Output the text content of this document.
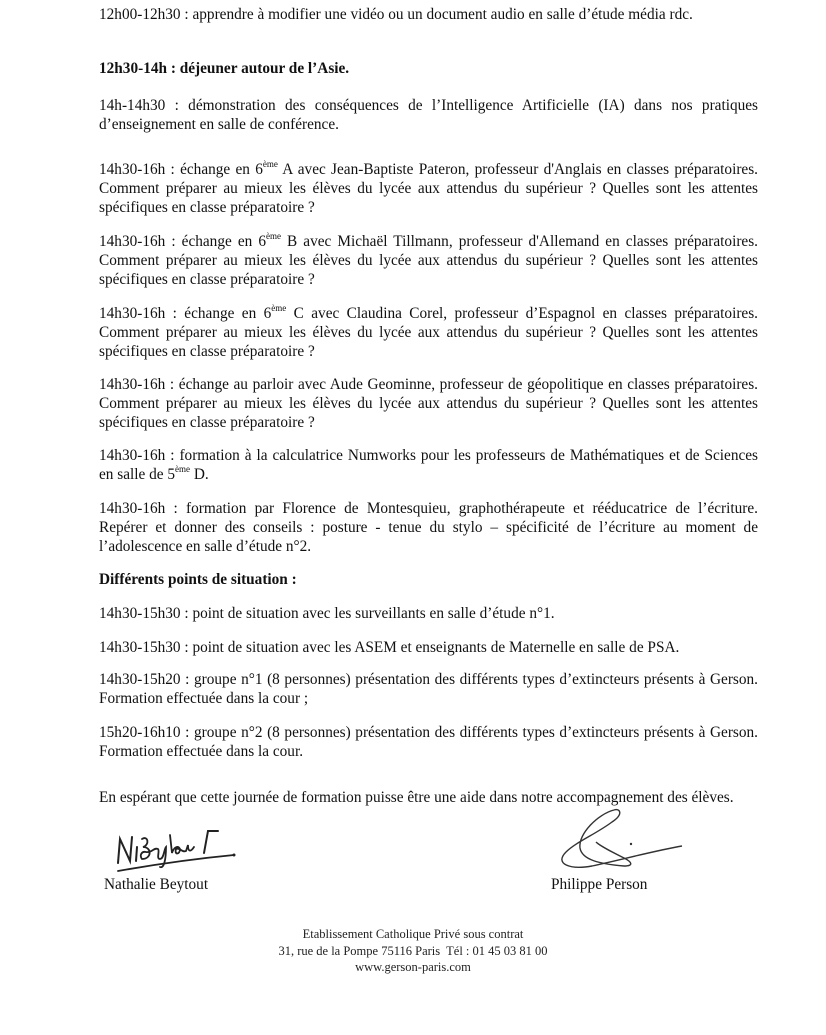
12h00-12h30 : apprendre à modifier une vidéo ou un document audio en salle d’étude média rdc.

12h30-14h : déjeuner autour de l’Asie.

14h-14h30 : démonstration des conséquences de l’Intelligence Artificielle (IA) dans nos pratiques d’enseignement en salle de conférence.

14h30-16h : échange en 6ème A avec Jean-Baptiste Pateron, professeur d'Anglais en classes préparatoires. Comment préparer au mieux les élèves du lycée aux attendus du supérieur ? Quelles sont les attentes spécifiques en classe préparatoire ?

14h30-16h : échange en 6ème B avec Michaël Tillmann, professeur d'Allemand en classes préparatoires. Comment préparer au mieux les élèves du lycée aux attendus du supérieur ? Quelles sont les attentes spécifiques en classe préparatoire ?

14h30-16h : échange en 6ème C avec Claudina Corel, professeur d’Espagnol en classes préparatoires. Comment préparer au mieux les élèves du lycée aux attendus du supérieur ? Quelles sont les attentes spécifiques en classe préparatoire ?

14h30-16h : échange au parloir avec Aude Geominne, professeur de géopolitique en classes préparatoires. Comment préparer au mieux les élèves du lycée aux attendus du supérieur ? Quelles sont les attentes spécifiques en classe préparatoire ?

14h30-16h : formation à la calculatrice Numworks pour les professeurs de Mathématiques et de Sciences en salle de 5ème D.

14h30-16h : formation par Florence de Montesquieu, graphothérapeute et rééducatrice de l’écriture. Repérer et donner des conseils : posture - tenue du stylo – spécificité de l’écriture au moment de l’adolescence en salle d’étude n°2.

Différents points de situation :

14h30-15h30 : point de situation avec les surveillants en salle d’étude n°1.

14h30-15h30 : point de situation avec les ASEM et enseignants de Maternelle en salle de PSA.

14h30-15h20 : groupe n°1 (8 personnes) présentation des différents types d’extincteurs présents à Gerson. Formation effectuée dans la cour ;

15h20-16h10 : groupe n°2 (8 personnes) présentation des différents types d’extincteurs présents à Gerson. Formation effectuée dans la cour.

En espérant que cette journée de formation puisse être une aide dans notre accompagnement des élèves.

Nathalie Beytout	Philippe Person
Etablissement Catholique Privé sous contrat
31, rue de la Pompe 75116 Paris  Tél : 01 45 03 81 00
www.gerson-paris.com
